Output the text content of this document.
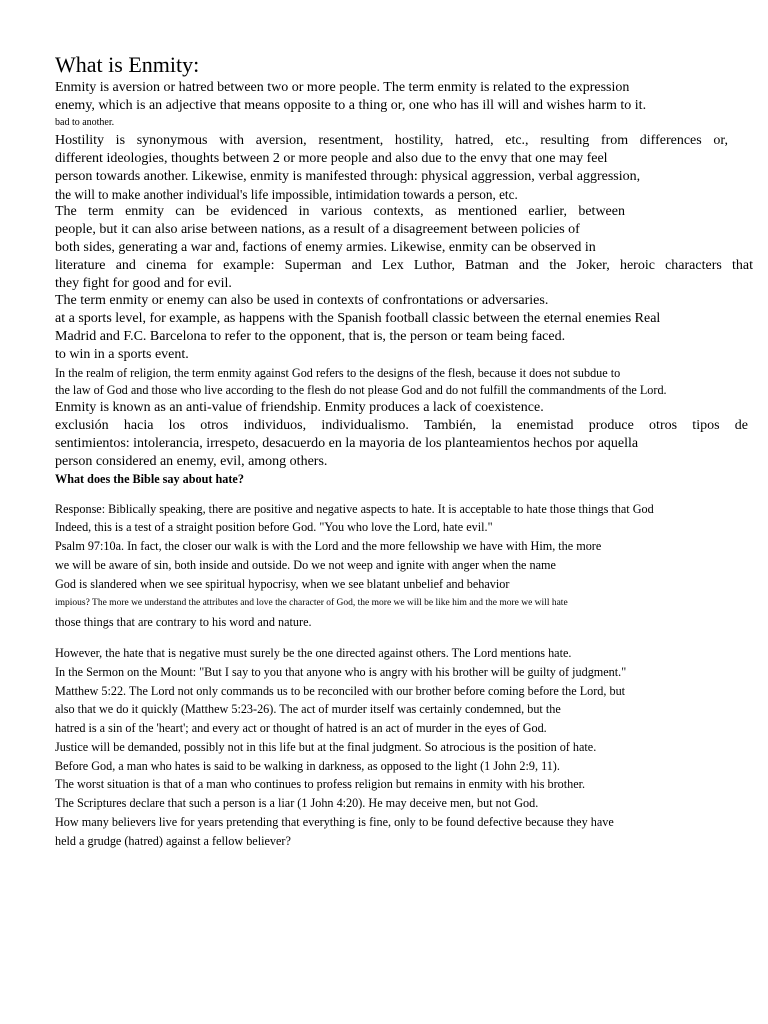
What is Enmity:
Enmity is aversion or hatred between two or more people. The term enmity is related to the expression
enemy, which is an adjective that means opposite to a thing or, one who has ill will and wishes harm to it.
bad to another.
Hostility is synonymous with aversion, resentment, hostility, hatred, etc., resulting from differences or,
different ideologies, thoughts between 2 or more people and also due to the envy that one may feel
person towards another. Likewise, enmity is manifested through: physical aggression, verbal aggression,
the will to make another individual's life impossible, intimidation towards a person, etc.
The term enmity can be evidenced in various contexts, as mentioned earlier, between
people, but it can also arise between nations, as a result of a disagreement between policies of
both sides, generating a war and, factions of enemy armies. Likewise, enmity can be observed in
literature and cinema for example: Superman and Lex Luthor, Batman and the Joker, heroic characters that
they fight for good and for evil.
The term enmity or enemy can also be used in contexts of confrontations or adversaries.
at a sports level, for example, as happens with the Spanish football classic between the eternal enemies Real
Madrid and F.C. Barcelona to refer to the opponent, that is, the person or team being faced.
to win in a sports event.
In the realm of religion, the term enmity against God refers to the designs of the flesh, because it does not subdue to
the law of God and those who live according to the flesh do not please God and do not fulfill the commandments of the Lord.
Enmity is known as an anti-value of friendship. Enmity produces a lack of coexistence.
exclusión hacia los otros individuos, individualismo. También, la enemistad produce otros tipos de
sentimientos: intolerancia, irrespeto, desacuerdo en la mayoria de los planteamientos hechos por aquella
person considered an enemy, evil, among others.
What does the Bible say about hate?
Response: Biblically speaking, there are positive and negative aspects to hate. It is acceptable to hate those things that God
Indeed, this is a test of a straight position before God. "You who love the Lord, hate evil."
Psalm 97:10a. In fact, the closer our walk is with the Lord and the more fellowship we have with Him, the more
we will be aware of sin, both inside and outside. Do we not weep and ignite with anger when the name
God is slandered when we see spiritual hypocrisy, when we see blatant unbelief and behavior
impious? The more we understand the attributes and love the character of God, the more we will be like him and the more we will hate
those things that are contrary to his word and nature.
However, the hate that is negative must surely be the one directed against others. The Lord mentions hate.
In the Sermon on the Mount: "But I say to you that anyone who is angry with his brother will be guilty of judgment."
Matthew 5:22. The Lord not only commands us to be reconciled with our brother before coming before the Lord, but
also that we do it quickly (Matthew 5:23-26). The act of murder itself was certainly condemned, but the
hatred is a sin of the 'heart'; and every act or thought of hatred is an act of murder in the eyes of God.
Justice will be demanded, possibly not in this life but at the final judgment. So atrocious is the position of hate.
Before God, a man who hates is said to be walking in darkness, as opposed to the light (1 John 2:9, 11).
The worst situation is that of a man who continues to profess religion but remains in enmity with his brother.
The Scriptures declare that such a person is a liar (1 John 4:20). He may deceive men, but not God.
How many believers live for years pretending that everything is fine, only to be found defective because they have
held a grudge (hatred) against a fellow believer?
